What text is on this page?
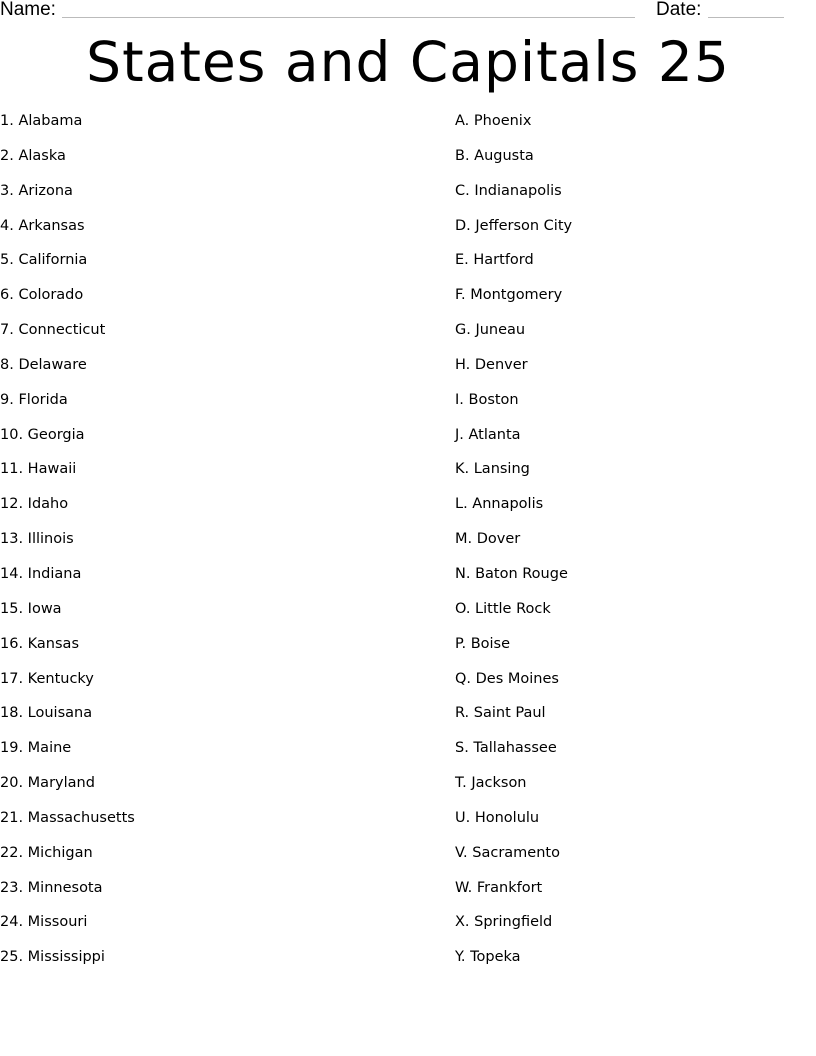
Name:	Date:
States and Capitals 25
1. Alabama
2. Alaska
3. Arizona
4. Arkansas
5. California
6. Colorado
7. Connecticut
8. Delaware
9. Florida
10. Georgia
11. Hawaii
12. Idaho
13. Illinois
14. Indiana
15. Iowa
16. Kansas
17. Kentucky
18. Louisana
19. Maine
20. Maryland
21. Massachusetts
22. Michigan
23. Minnesota
24. Missouri
25. Mississippi
A. Phoenix
B. Augusta
C. Indianapolis
D. Jefferson City
E. Hartford
F. Montgomery
G. Juneau
H. Denver
I. Boston
J. Atlanta
K. Lansing
L. Annapolis
M. Dover
N. Baton Rouge
O. Little Rock
P. Boise
Q. Des Moines
R. Saint Paul
S. Tallahassee
T. Jackson
U. Honolulu
V. Sacramento
W. Frankfort
X. Springfield
Y. Topeka
